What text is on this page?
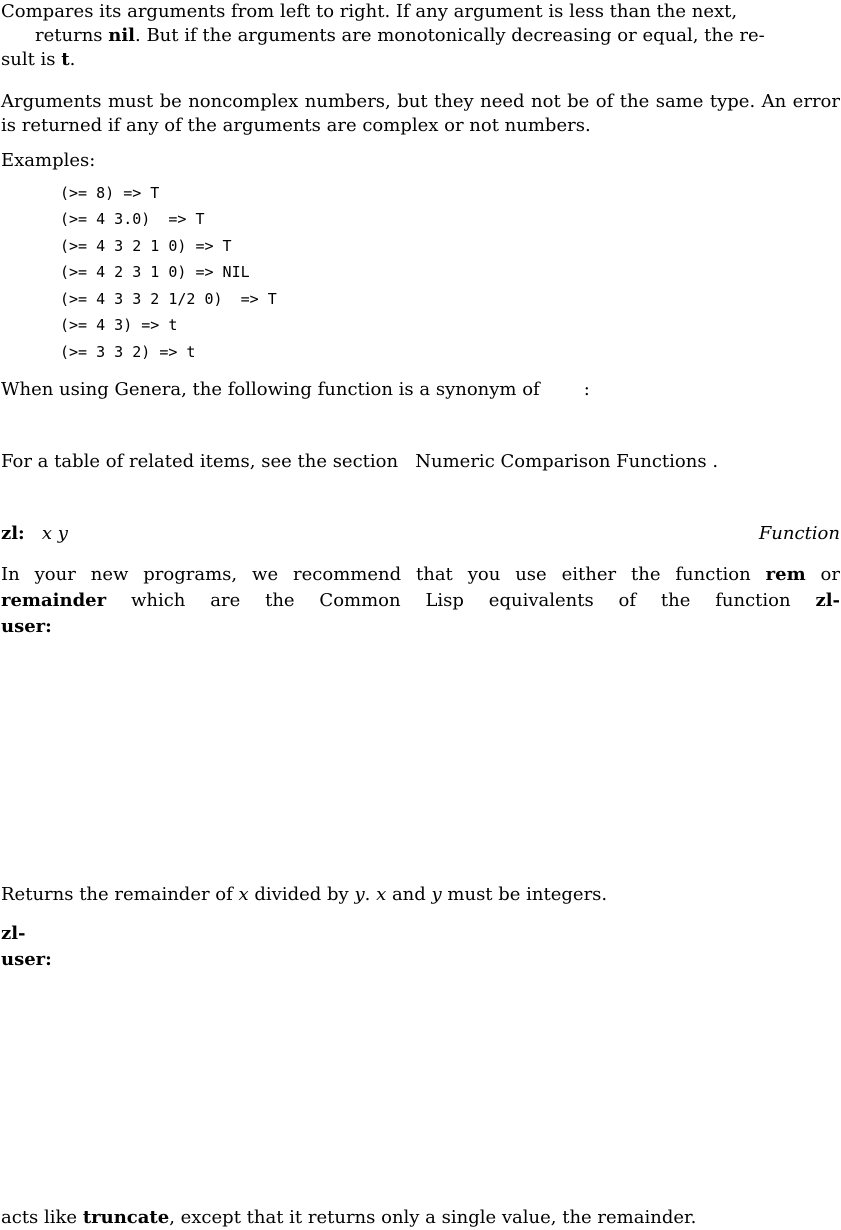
Compares its arguments from left to right. If any argument is less than the next,
returns nil. But if the arguments are monotonically decreasing or equal, the re-
sult is t.
Arguments must be noncomplex numbers, but they need not be of the same type. An error is returned if any of the arguments are complex or not numbers.
Examples:
(>= 8) => T
(>= 4 3.0)  => T
(>= 4 3 2 1 0) => T
(>= 4 2 3 1 0) => NIL
(>= 4 3 3 2 1/2 0)  => T
(>= 4 3) => t
(>= 3 3 2) => t
When using Genera, the following function is a synonym of :
For a table of related items, see the section Numeric Comparison Functions .
zl: x y	Function
In your new programs, we recommend that you use either the function rem or
remainder which are the Common Lisp equivalents of the function zl-
user:
Returns the remainder of x divided by y. x and y must be integers.
zl-
user:
acts like truncate, except that it returns only a single value, the remainder.
